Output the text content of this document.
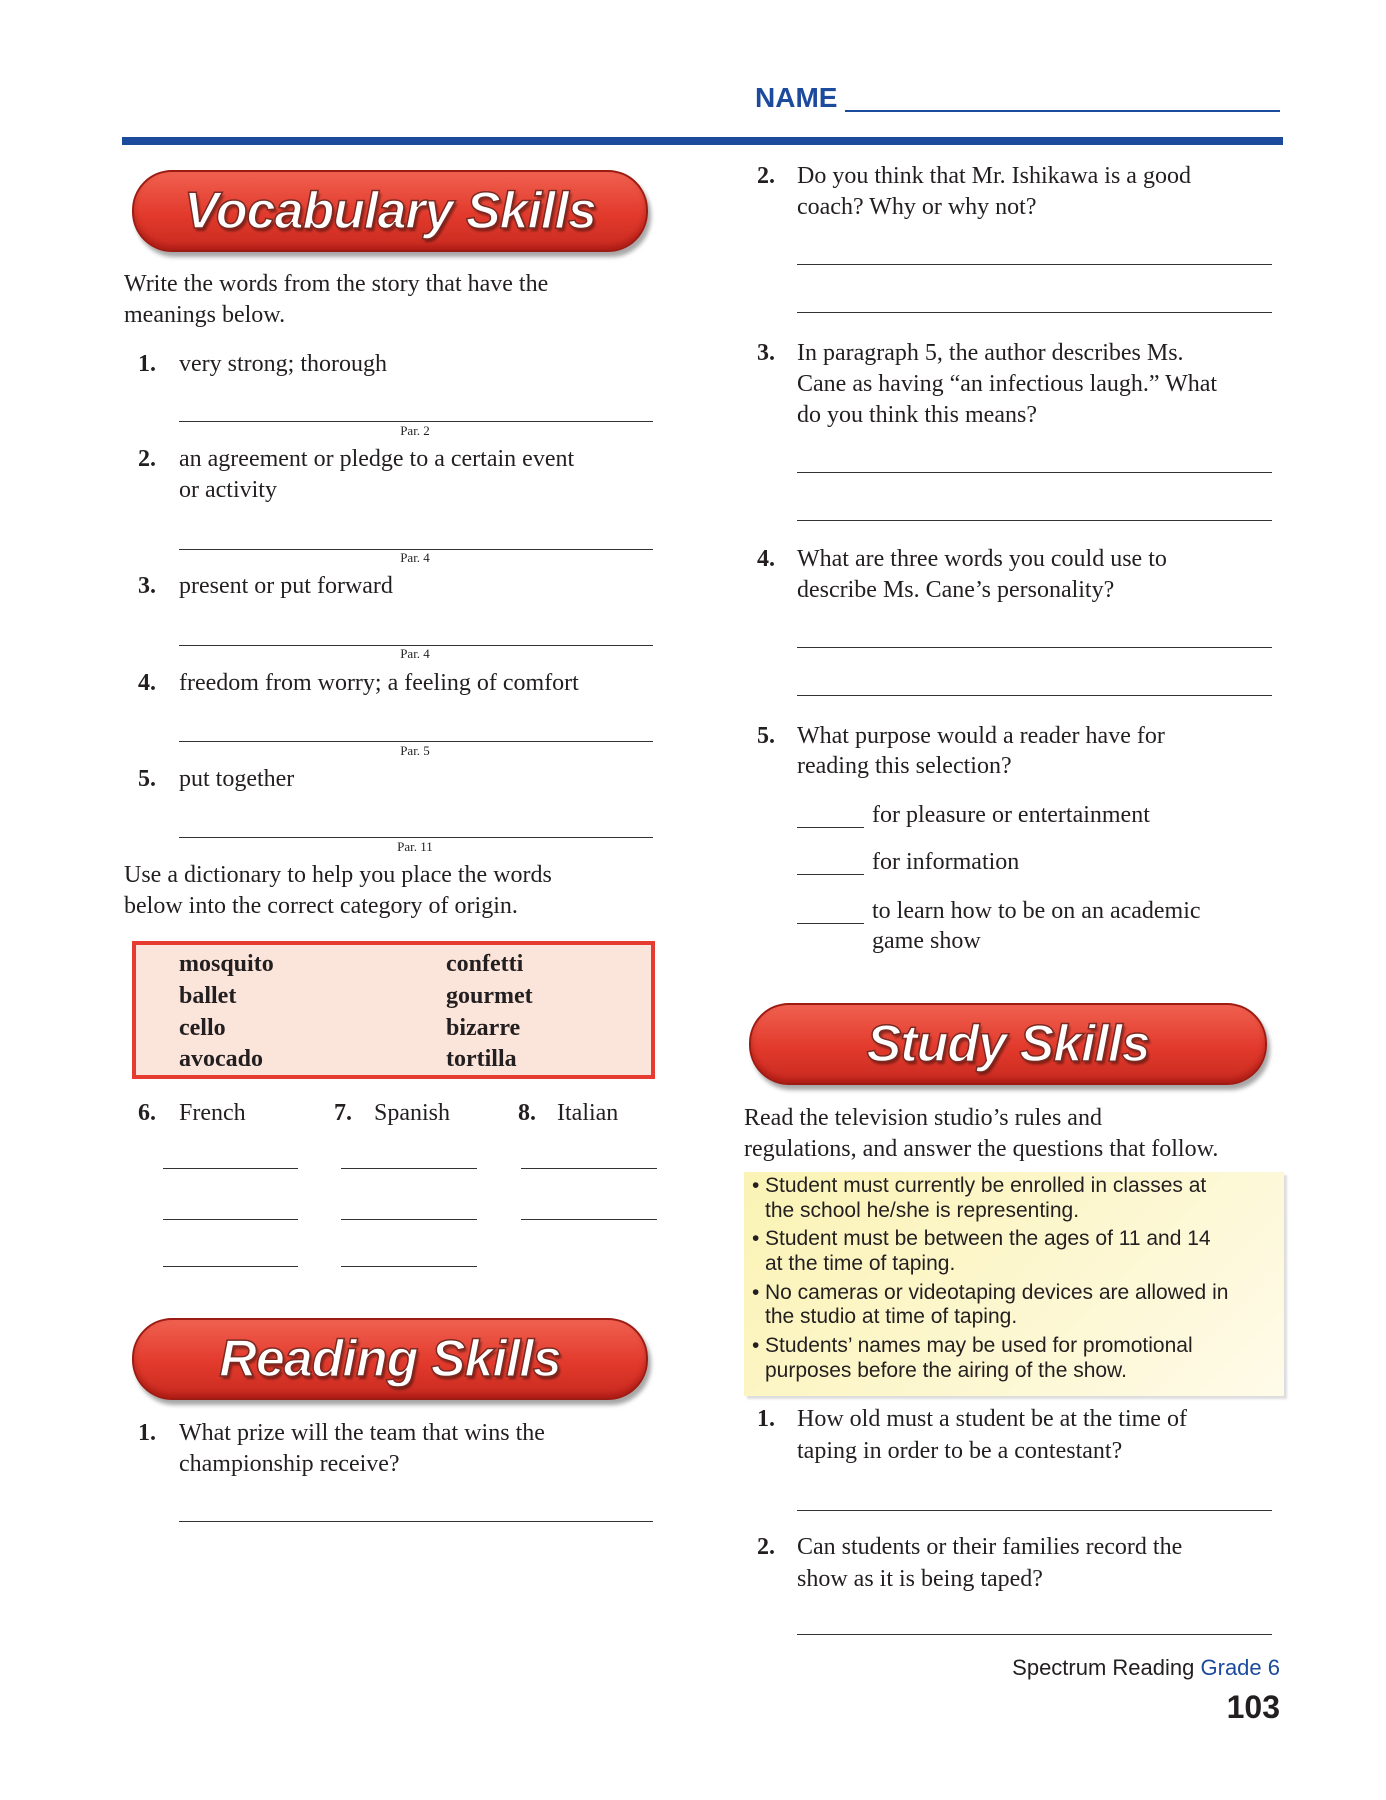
NAME
Vocabulary Skills
Write the words from the story that have the
meanings below.
1. very strong; thorough
Par. 2
2. an agreement or pledge to a certain event
or activity
Par. 4
3. present or put forward
Par. 4
4. freedom from worry; a feeling of comfort
Par. 5
5. put together
Par. 11
Use a dictionary to help you place the words
below into the correct category of origin.
mosquito
ballet
cello
avocado
confetti
gourmet
bizarre
tortilla
6. French	7. Spanish	8. Italian
Reading Skills
1. What prize will the team that wins the
championship receive?
2. Do you think that Mr. Ishikawa is a good
coach? Why or why not?
3. In paragraph 5, the author describes Ms.
Cane as having “an infectious laugh.” What
do you think this means?
4. What are three words you could use to
describe Ms. Cane’s personality?
5. What purpose would a reader have for
reading this selection?
for pleasure or entertainment
for information
to learn how to be on an academic
game show
Study Skills
Read the television studio’s rules and
regulations, and answer the questions that follow.
• Student must currently be enrolled in classes at
the school he/she is representing.
• Student must be between the ages of 11 and 14
at the time of taping.
• No cameras or videotaping devices are allowed in
the studio at time of taping.
• Students’ names may be used for promotional
purposes before the airing of the show.
1. How old must a student be at the time of
taping in order to be a contestant?
2. Can students or their families record the
show as it is being taped?
Spectrum Reading Grade 6
103
